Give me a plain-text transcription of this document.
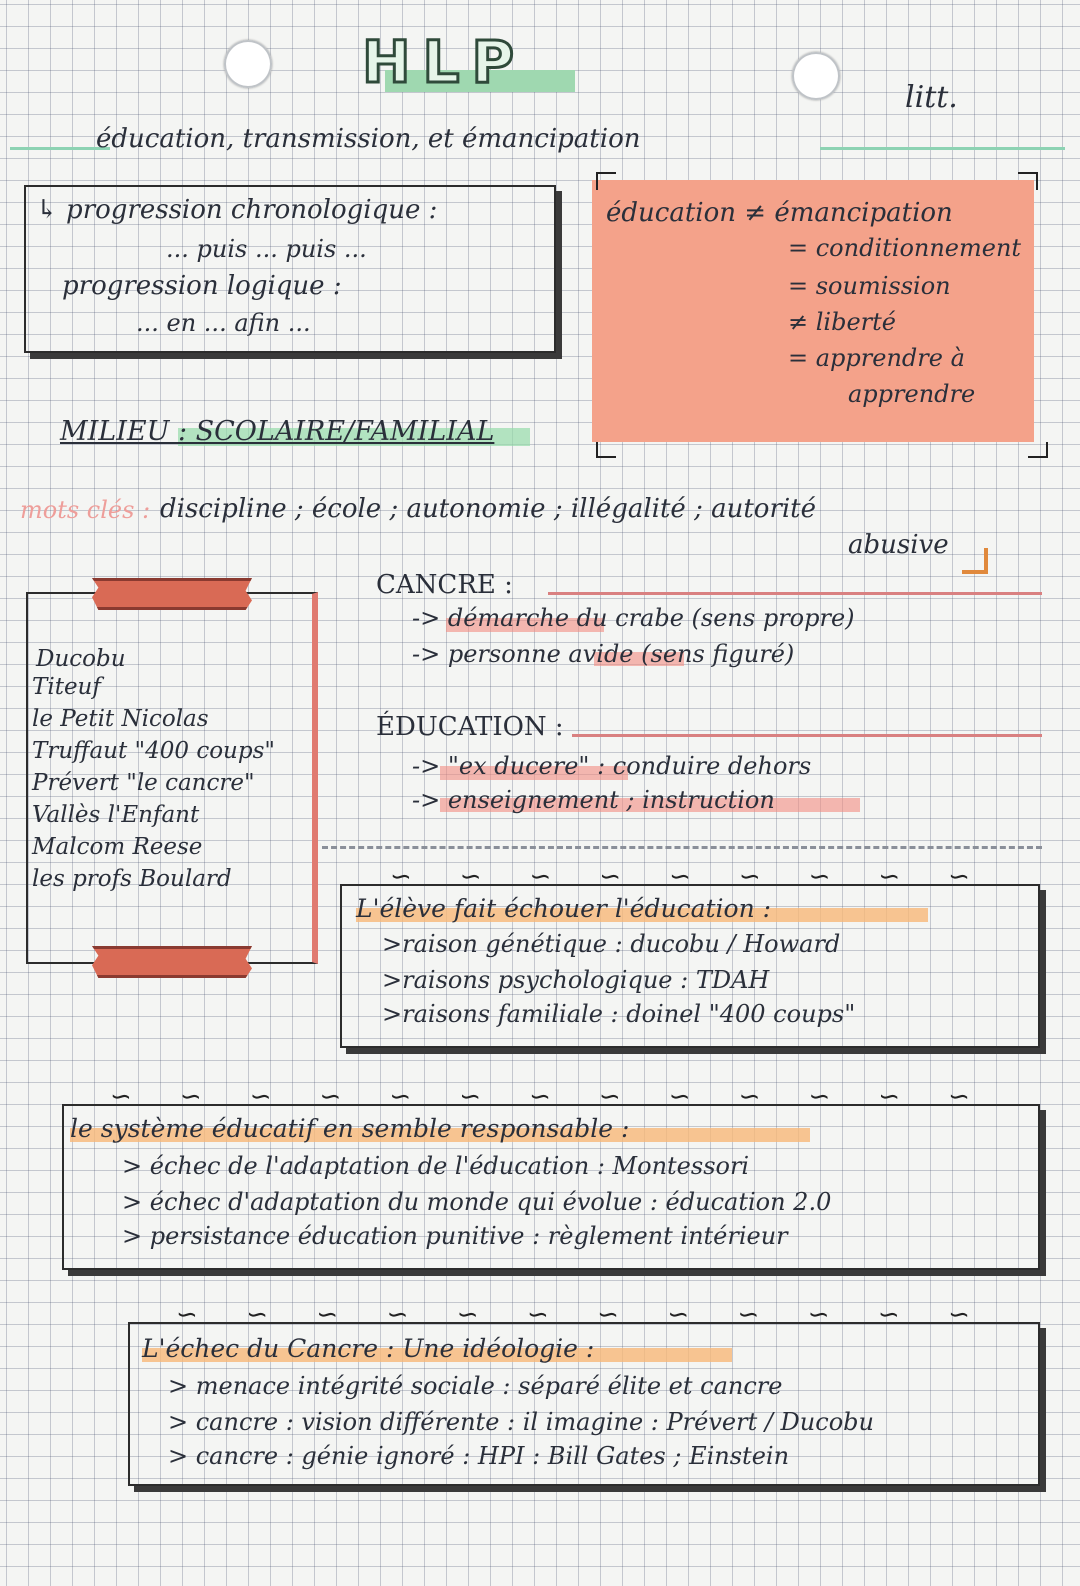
HLP
litt.
éducation, transmission, et émancipation
↳ progression chronologique :
... puis ... puis ...
progression logique :
... en ... afin ...
éducation ≠ émancipation
= conditionnement
= soumission
≠ liberté
= apprendre à
apprendre
MILIEU : SCOLAIRE/FAMILIAL
mots clés : discipline ; école ; autonomie ; illégalité ; autorité
abusive
Ducobu
Titeuf
le Petit Nicolas
Truffaut "400 coups"
Prévert "le cancre"
Vallès l'Enfant
Malcom Reese
les profs Boulard
CANCRE :
-> démarche du crabe (sens propre)
-> personne avide (sens figuré)
ÉDUCATION :
-> "ex ducere" : conduire dehors
-> enseignement ; instruction
∽ ∽ ∽ ∽ ∽ ∽ ∽ ∽ ∽
L'élève fait échouer l'éducation :
>raison génétique : ducobu / Howard
>raisons psychologique : TDAH
>raisons familiale : doinel "400 coups"
∽ ∽ ∽ ∽ ∽ ∽ ∽ ∽ ∽ ∽ ∽ ∽ ∽
le système éducatif en semble responsable :
> échec de l'adaptation de l'éducation : Montessori
> échec d'adaptation du monde qui évolue : éducation 2.0
> persistance éducation punitive : règlement intérieur
∽ ∽ ∽ ∽ ∽ ∽ ∽ ∽ ∽ ∽ ∽ ∽
L'échec du Cancre : Une idéologie :
> menace intégrité sociale : séparé élite et cancre
> cancre : vision différente : il imagine : Prévert / Ducobu
> cancre : génie ignoré : HPI : Bill Gates ; Einstein
